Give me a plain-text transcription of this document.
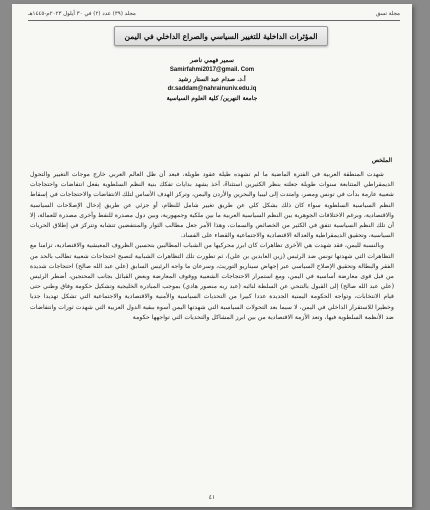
مجلة تسق
مجلد (٣٩) عدد (٢) في ٣٠ أيلول ٢٠٢٣م-١٤٤٥هـ
المؤثرات الداخلية للتغيير السياسي والصراع الداخلي في اليمن
سمير فهمي ناصر
Samirfahmi2017@gmail. Com
أ.د. صدام عبد الستار رشيد
dr.saddam@nahrainuniv.edu.iq
جامعة النهرين/ كلية العلوم السياسية
الملخص

شهدت المنطقة العربية في الفترة الماضية ما لم تشهده طيلة عقود طويلة، فبعد أن ظل العالم العربي خارج موجات التغيير والتحول الديمقراطي المتتابعة سنوات طويلة جعلته بنظر الكثيرين استثناءً، أخذ يشهد بدايات تفكك بنية النظم السلطوية بفعل انتفاضات واحتجاجات شعبية عارمة بدأت في تونس ومصر، وامتدت إلى ليبيا والبحرين والأردن واليمن، وتركز الهدف الأساس لتلك الانتفاضات والاحتجاجات في إسقاط النظم السياسية السلطوية سواء كان ذلك بشكل كلي عن طريق تغيير شامل للنظام، أو جزئي عن طريق إدخال الإصلاحات السياسية والاقتصادية، وبرغم الاختلافات الجوهرية بين النظم السياسية العربية ما بين ملكية وجمهورية، وبين دول مصدرة للنفط وأخرى مصدرة للعمالة، إلا أن تلك النظم السياسية تتفق في الكثير من الخصائص والسمات، وهذا الأمر جعل مطالب الثوار والمنتفضين تتشابه وتتركز في إطلاق الحريات السياسية، وتحقيق الديمقراطية والعدالة الاقتصادية والاجتماعية والقضاء على الفساد.

وبالنسبة لليمن، فقد شهدت هي الأخرى تظاهرات كان ابرز محركيها من الشباب المطالبين بتحسين الظروف المعيشية والاقتصادية، تزامنا مع التظاهرات التي شهدتها تونس ضد الرئيس (زين العابدين بن علي)، ثم تطورت تلك التظاهرات الشبابية لتصبح احتجاجات شعبية تطالب بالحد من الفقر والبطالة وتحقيق الإصلاح السياسي عبر إجهاض سيناريو التوريث، وسرعان ما واجه الرئيس السابق (علي عبد الله صالح) احتجاجات شديدة من قبل قوى معارضة أساسية في اليمن، ومع استمرار الاحتجاجات الشعبية ووقوف المعارضة وبعض القبائل بجانب المحتجين، أضطر الرئيس (علي عبد الله صالح) إلى القبول بالتنحي عن السلطة لنائبه (عبد ربه منصور هادي) بموجب المبادرة الخليجية وتشكيل حكومة وفاق وطني حتى قيام الانتخابات، وتواجه الحكومة اليمنية الجديدة عددا كبيرا من التحديات السياسية والأمنية والاقتصادية والاجتماعية التي تشكل تهديدا جديا وخطيرا للاستقرار الداخلي في اليمن، لا سيما بعد التحولات السياسية التي شهدتها اليمن أسوة ببقية الدول العربية التي شهدت ثورات وانتفاضات ضد الأنظمة السلطوية فيها، وتعد الأزمة الاقتصادية من بين ابرز المشاكل والتحديات التي تواجهها حكومة

٤١
